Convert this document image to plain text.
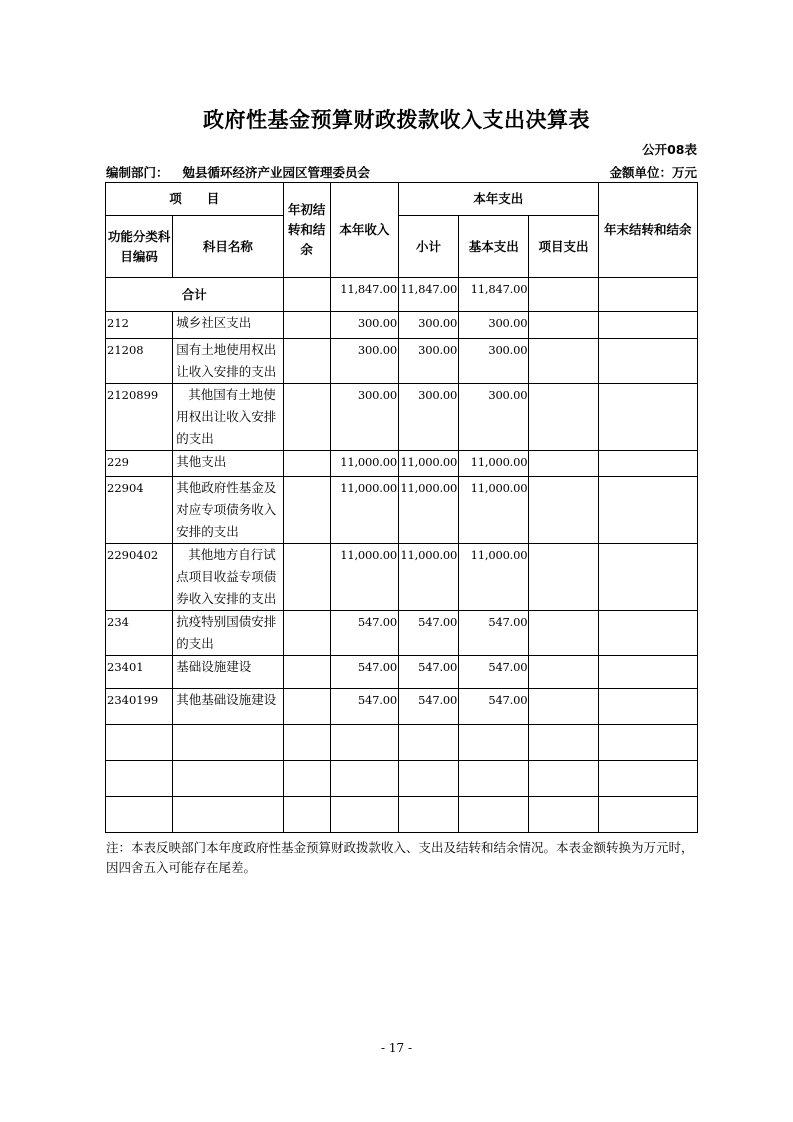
政府性基金预算财政拨款收入支出决算表
公开08表
编制部门： 勉县循环经济产业园区管理委员会	金额单位：万元
项　　目		年初结转和结余	本年收入	本年支出			年末结转和结余
功能分类科目编码	科目名称			小计	基本支出	项目支出	
合计			11,847.00	11,847.00	11,847.00		
212	城乡社区支出		300.00	300.00	300.00		
21208	国有土地使用权出让收入安排的支出		300.00	300.00	300.00		
2120899	其他国有土地使用权出让收入安排的支出		300.00	300.00	300.00		
229	其他支出		11,000.00	11,000.00	11,000.00		
22904	其他政府性基金及对应专项债务收入安排的支出		11,000.00	11,000.00	11,000.00		
2290402	其他地方自行试点项目收益专项债券收入安排的支出		11,000.00	11,000.00	11,000.00		
234	抗疫特别国债安排的支出		547.00	547.00	547.00		
23401	基础设施建设		547.00	547.00	547.00		
2340199	其他基础设施建设		547.00	547.00	547.00		

注：本表反映部门本年度政府性基金预算财政拨款收入、支出及结转和结余情况。本表金额转换为万元时，因四舍五入可能存在尾差。
- 17 -
